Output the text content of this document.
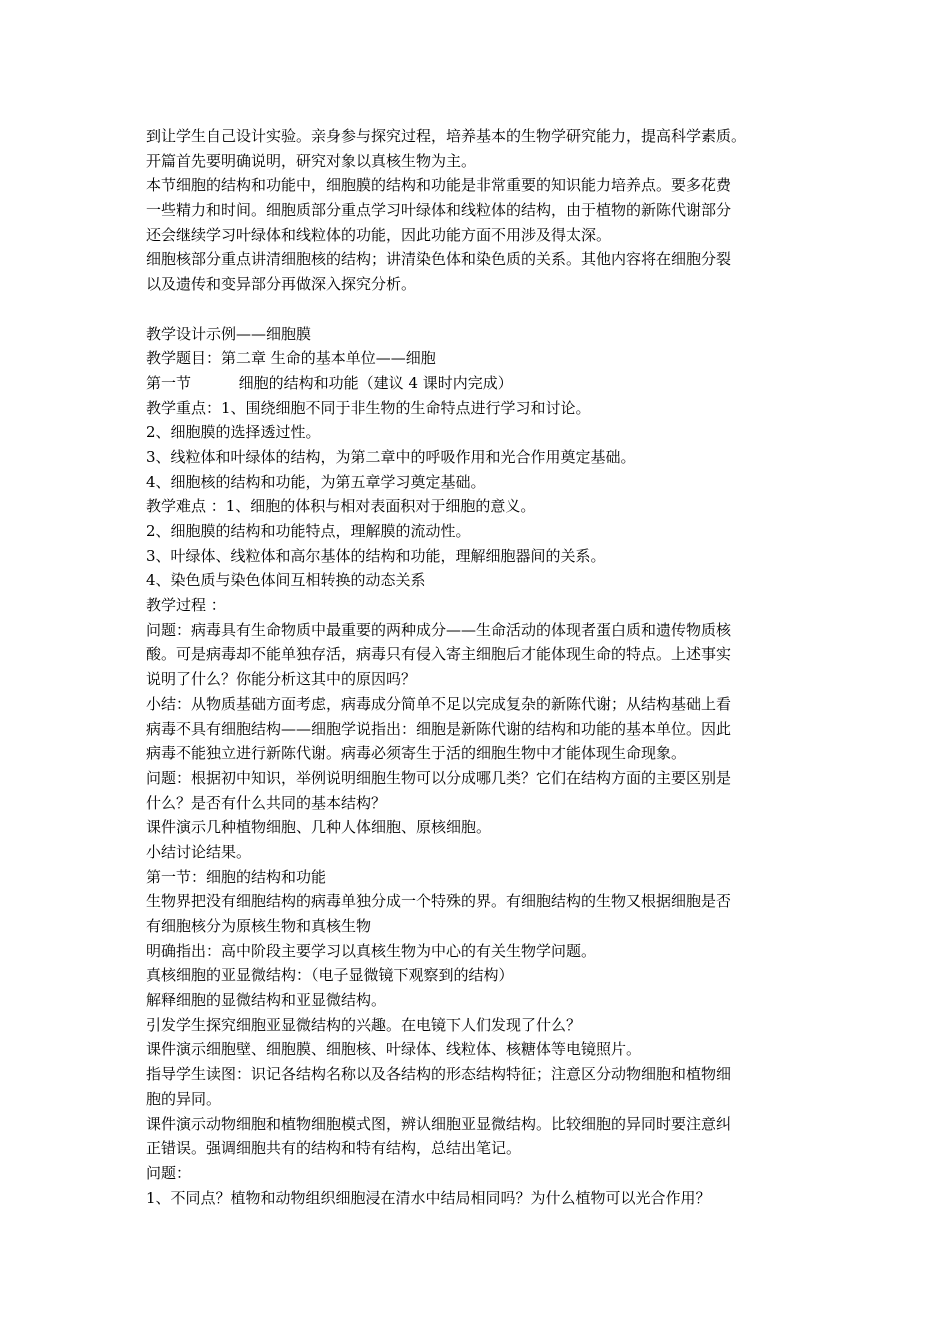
到让学生自己设计实验。亲身参与探究过程，培养基本的生物学研究能力，提高科学素质。
开篇首先要明确说明，研究对象以真核生物为主。
本节细胞的结构和功能中，细胞膜的结构和功能是非常重要的知识能力培养点。要多花费
一些精力和时间。细胞质部分重点学习叶绿体和线粒体的结构，由于植物的新陈代谢部分
还会继续学习叶绿体和线粒体的功能，因此功能方面不用涉及得太深。
细胞核部分重点讲清细胞核的结构；讲清染色体和染色质的关系。其他内容将在细胞分裂
以及遗传和变异部分再做深入探究分析。
教学设计示例——细胞膜
教学题目：第二章 生命的基本单位——细胞
第一节          细胞的结构和功能（建议 4 课时内完成）
教学重点：1、围绕细胞不同于非生物的生命特点进行学习和讨论。
2、细胞膜的选择透过性。
3、线粒体和叶绿体的结构，为第二章中的呼吸作用和光合作用奠定基础。
4、细胞核的结构和功能，为第五章学习奠定基础。
教学难点 ：1、细胞的体积与相对表面积对于细胞的意义。
2、细胞膜的结构和功能特点，理解膜的流动性。
3、叶绿体、线粒体和高尔基体的结构和功能，理解细胞器间的关系。
4、染色质与染色体间互相转换的动态关系
教学过程 ：
问题：病毒具有生命物质中最重要的两种成分——生命活动的体现者蛋白质和遗传物质核
酸。可是病毒却不能单独存活，病毒只有侵入寄主细胞后才能体现生命的特点。上述事实
说明了什么？你能分析这其中的原因吗？
小结：从物质基础方面考虑，病毒成分简单不足以完成复杂的新陈代谢；从结构基础上看
病毒不具有细胞结构——细胞学说指出：细胞是新陈代谢的结构和功能的基本单位。因此
病毒不能独立进行新陈代谢。病毒必须寄生于活的细胞生物中才能体现生命现象。
问题：根据初中知识，举例说明细胞生物可以分成哪几类？它们在结构方面的主要区别是
什么？是否有什么共同的基本结构？
课件演示几种植物细胞、几种人体细胞、原核细胞。
小结讨论结果。
第一节：细胞的结构和功能
生物界把没有细胞结构的病毒单独分成一个特殊的界。有细胞结构的生物又根据细胞是否
有细胞核分为原核生物和真核生物
明确指出：高中阶段主要学习以真核生物为中心的有关生物学问题。
真核细胞的亚显微结构：（电子显微镜下观察到的结构）
解释细胞的显微结构和亚显微结构。
引发学生探究细胞亚显微结构的兴趣。在电镜下人们发现了什么？
课件演示细胞壁、细胞膜、细胞核、叶绿体、线粒体、核糖体等电镜照片。
指导学生读图：识记各结构名称以及各结构的形态结构特征；注意区分动物细胞和植物细
胞的异同。
课件演示动物细胞和植物细胞模式图，辨认细胞亚显微结构。比较细胞的异同时要注意纠
正错误。强调细胞共有的结构和特有结构，总结出笔记。
问题：
1、不同点？植物和动物组织细胞浸在清水中结局相同吗？为什么植物可以光合作用？
